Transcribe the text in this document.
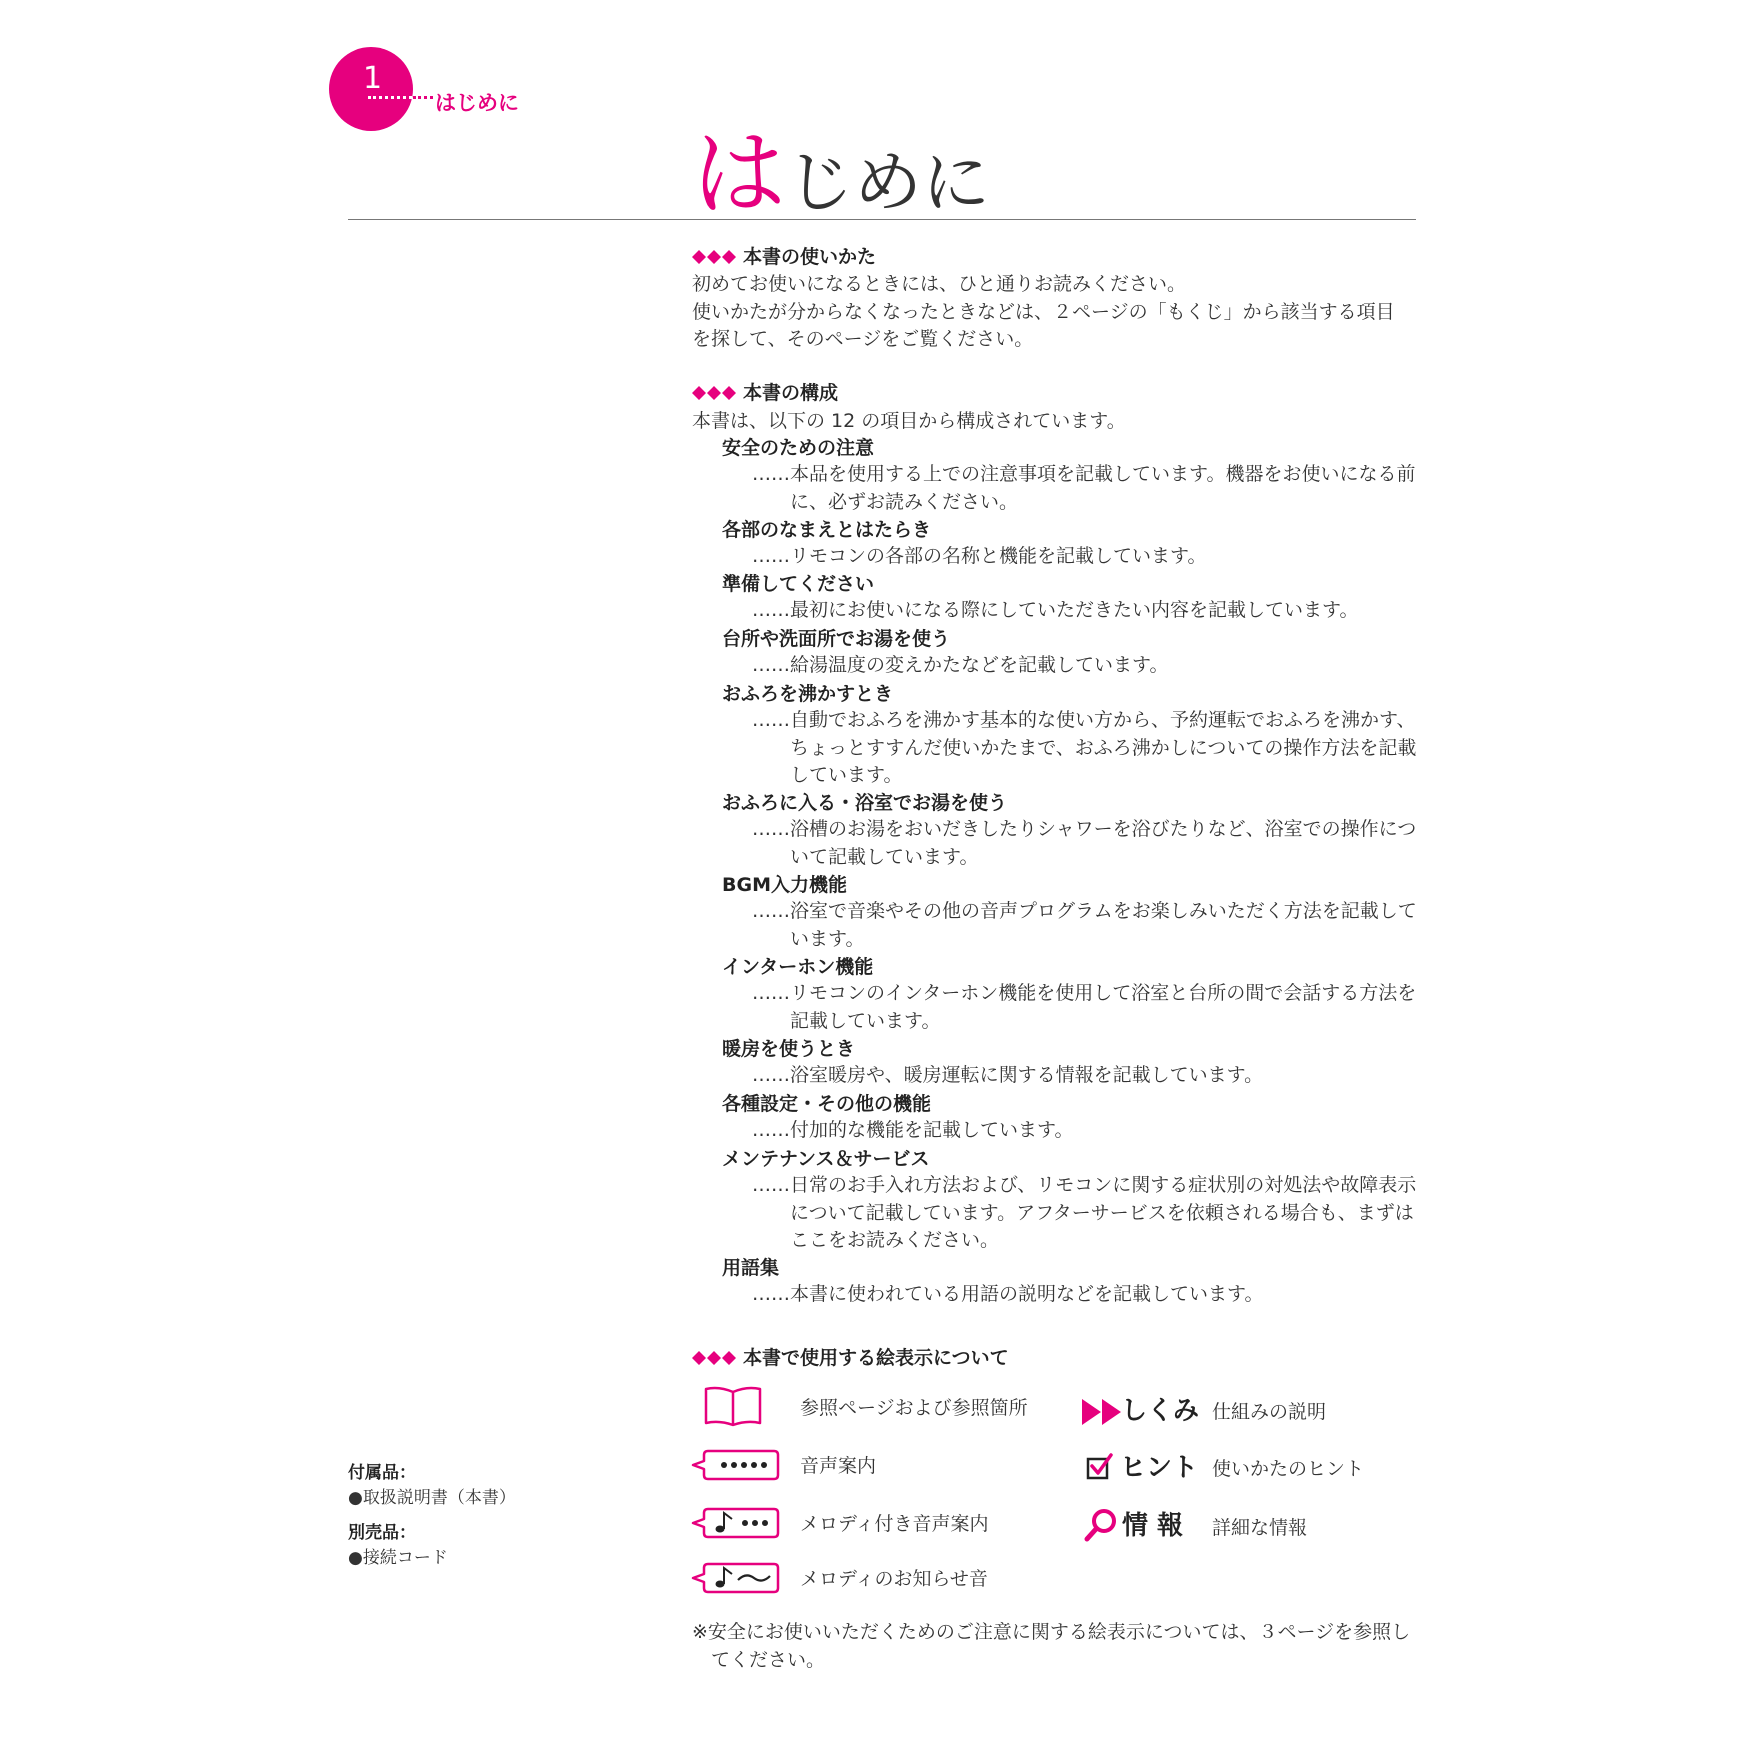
1
はじめに
はじめに
本書の使いかた

初めてお使いになるときには、ひと通りお読みください。

使いかたが分からなくなったときなどは、２ページの「もくじ」から該当する項目

を探して、そのページをご覧ください。

本書の構成
本書は、以下の 12 の項目から構成されています。
安全のための注意
……本品を使用する上での注意事項を記載しています。機器をお使いになる前に、必ずお読みください。
各部のなまえとはたらき
……リモコンの各部の名称と機能を記載しています。
準備してください
……最初にお使いになる際にしていただきたい内容を記載しています。
台所や洗面所でお湯を使う
……給湯温度の変えかたなどを記載しています。
おふろを沸かすとき
……自動でおふろを沸かす基本的な使い方から、予約運転でおふろを沸かす、ちょっとすすんだ使いかたまで、おふろ沸かしについての操作方法を記載しています。
おふろに入る・浴室でお湯を使う
……浴槽のお湯をおいだきしたりシャワーを浴びたりなど、浴室での操作について記載しています。
BGM入力機能
……浴室で音楽やその他の音声プログラムをお楽しみいただく方法を記載しています。
インターホン機能
……リモコンのインターホン機能を使用して浴室と台所の間で会話する方法を記載しています。
暖房を使うとき
……浴室暖房や、暖房運転に関する情報を記載しています。
各種設定・その他の機能
……付加的な機能を記載しています。
メンテナンス＆サービス
……日常のお手入れ方法および、リモコンに関する症状別の対処法や故障表示について記載しています。アフターサービスを依頼される場合も、まずはここをお読みください。
用語集
……本書に使われている用語の説明などを記載しています。
本書で使用する絵表示について
参照ページおよび参照箇所
音声案内
メロディ付き音声案内
メロディのお知らせ音
しくみ 仕組みの説明
ヒント 使いかたのヒント
情 報 詳細な情報
※安全にお使いいただくためのご注意に関する絵表示については、３ページを参照してください。
付属品：
●取扱説明書（本書）
別売品：
●接続コード
